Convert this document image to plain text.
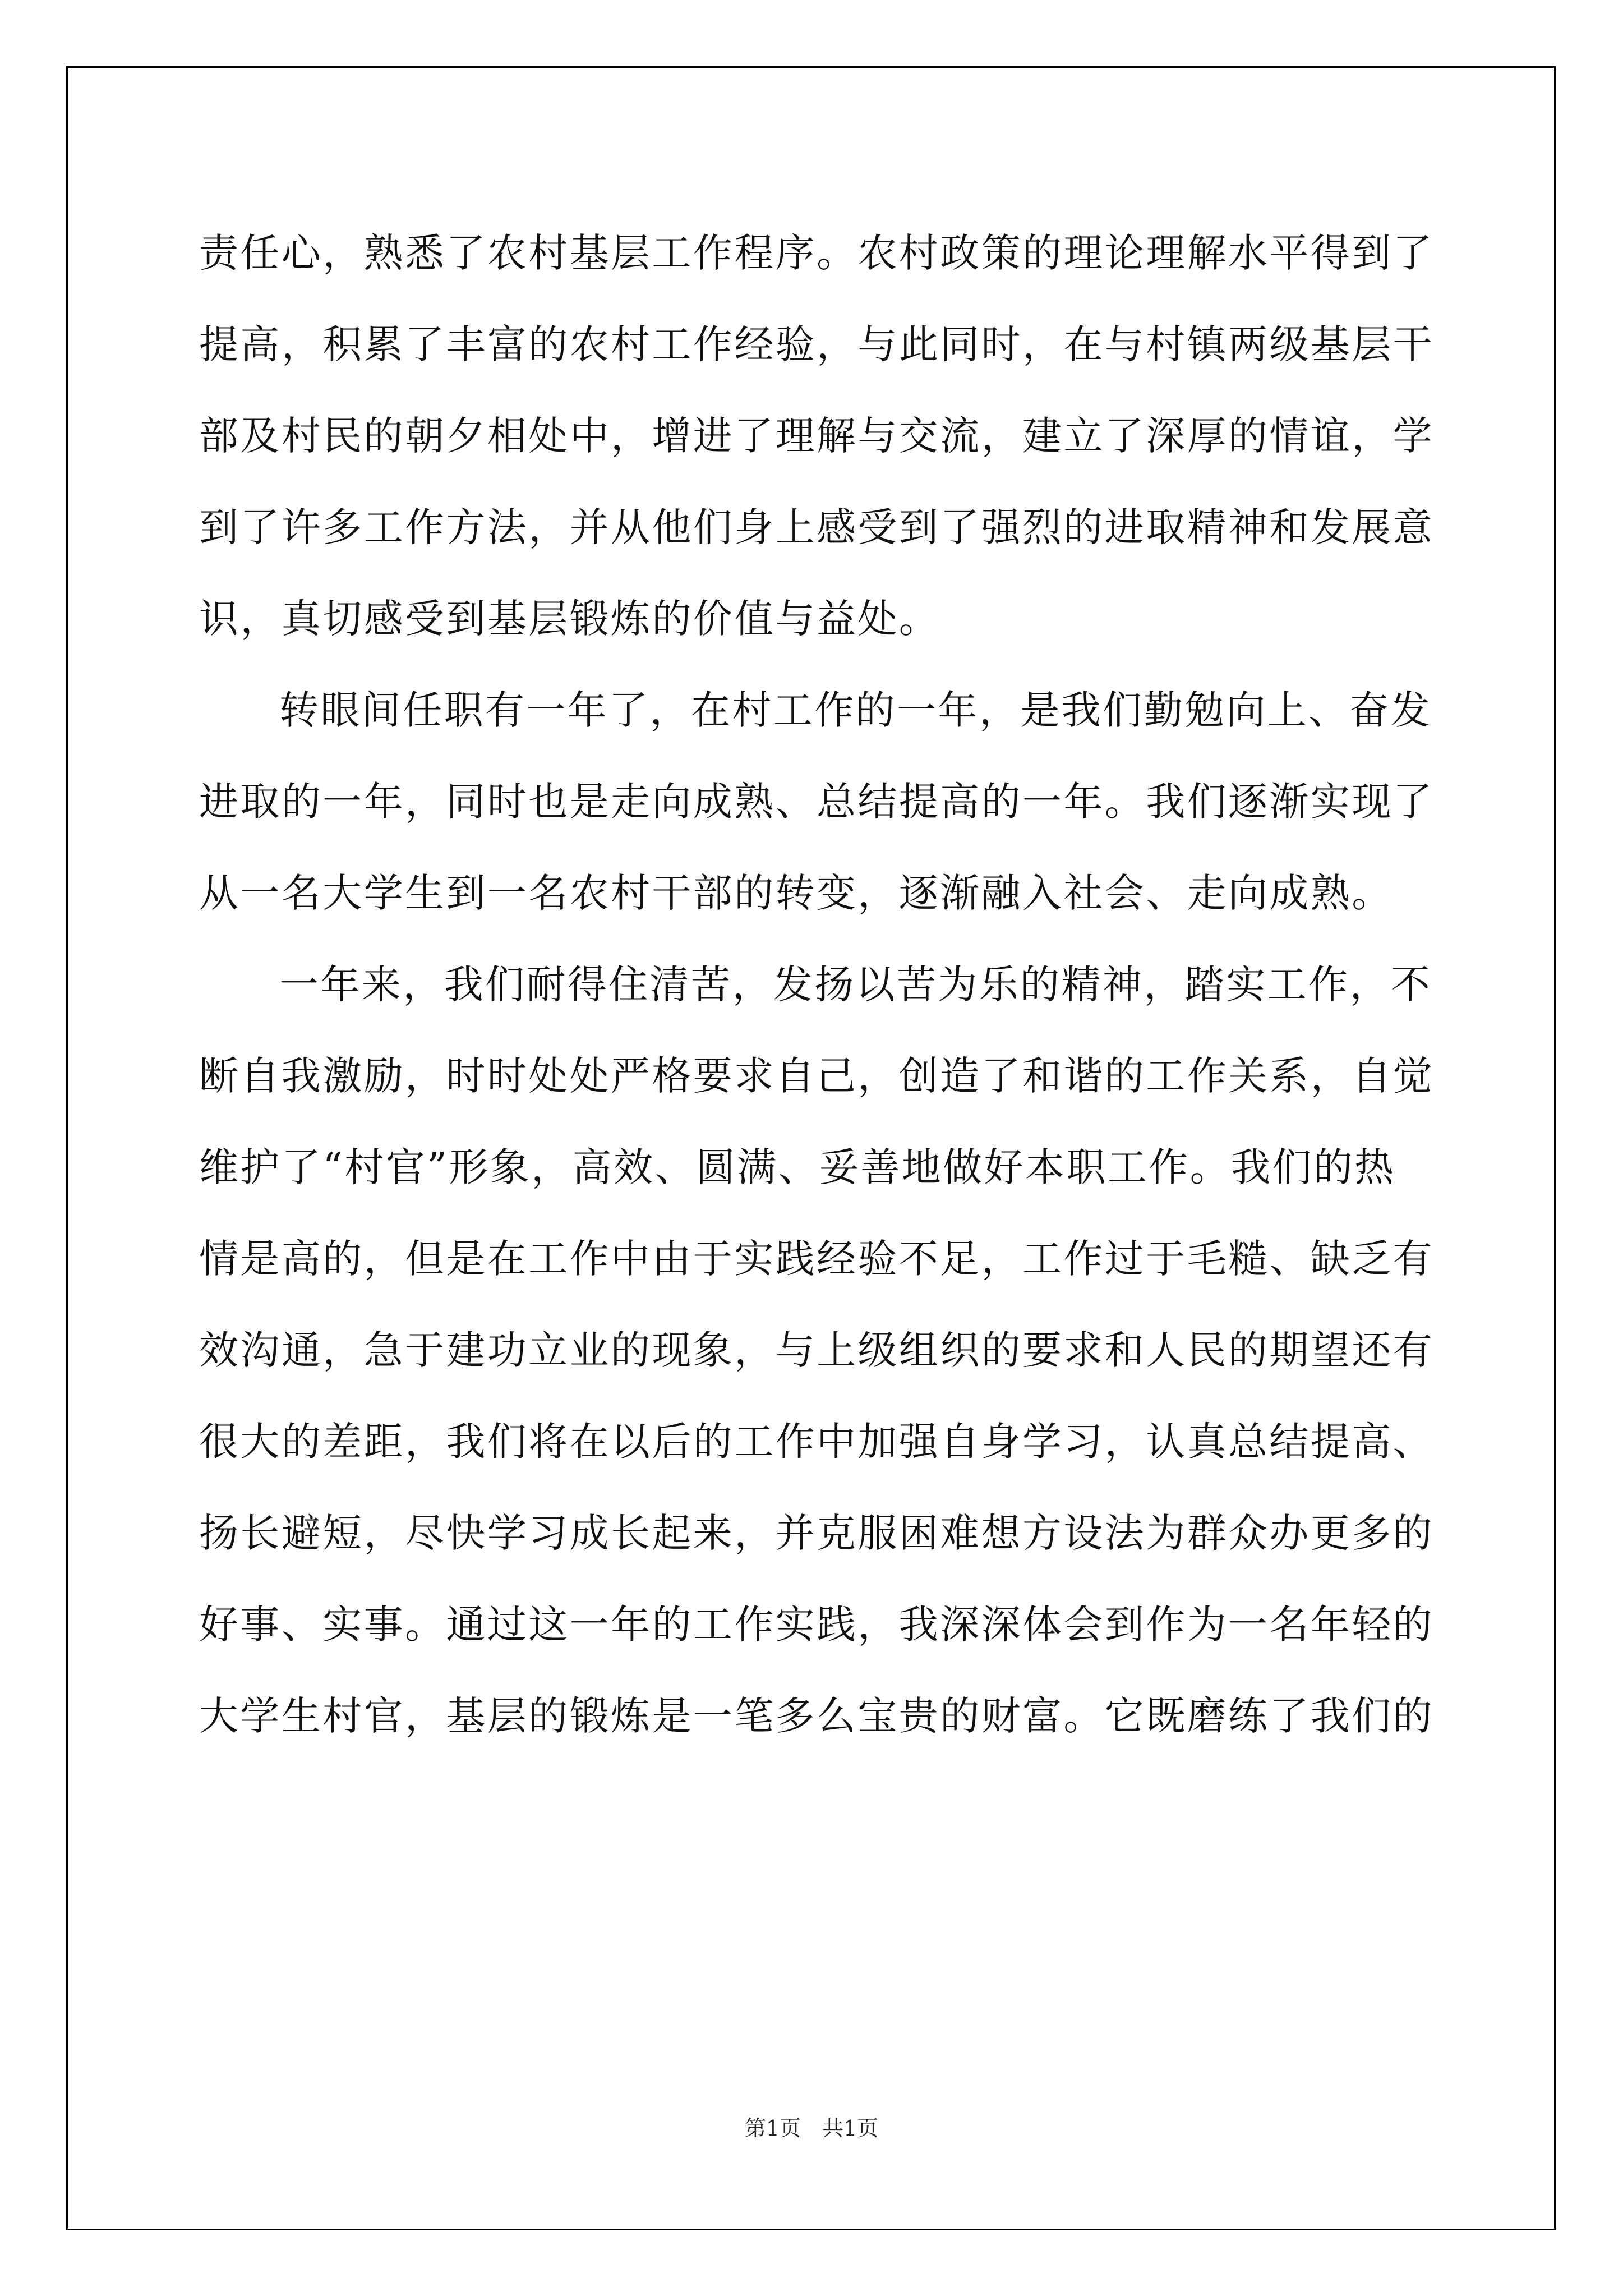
责任心，熟悉了农村基层工作程序。农村政策的理论理解水平得到了
提高，积累了丰富的农村工作经验，与此同时，在与村镇两级基层干
部及村民的朝夕相处中，增进了理解与交流，建立了深厚的情谊，学
到了许多工作方法，并从他们身上感受到了强烈的进取精神和发展意
识，真切感受到基层锻炼的价值与益处。
转眼间任职有一年了，在村工作的一年，是我们勤勉向上、奋发
进取的一年，同时也是走向成熟、总结提高的一年。我们逐渐实现了
从一名大学生到一名农村干部的转变，逐渐融入社会、走向成熟。
一年来，我们耐得住清苦，发扬以苦为乐的精神，踏实工作，不
断自我激励，时时处处严格要求自己，创造了和谐的工作关系，自觉
维护了“村官”形象，高效、圆满、妥善地做好本职工作。我们的热
情是高的，但是在工作中由于实践经验不足，工作过于毛糙、缺乏有
效沟通，急于建功立业的现象，与上级组织的要求和人民的期望还有
很大的差距，我们将在以后的工作中加强自身学习，认真总结提高、
扬长避短，尽快学习成长起来，并克服困难想方设法为群众办更多的
好事、实事。通过这一年的工作实践，我深深体会到作为一名年轻的
大学生村官，基层的锻炼是一笔多么宝贵的财富。它既磨练了我们的
第1页 共1页
